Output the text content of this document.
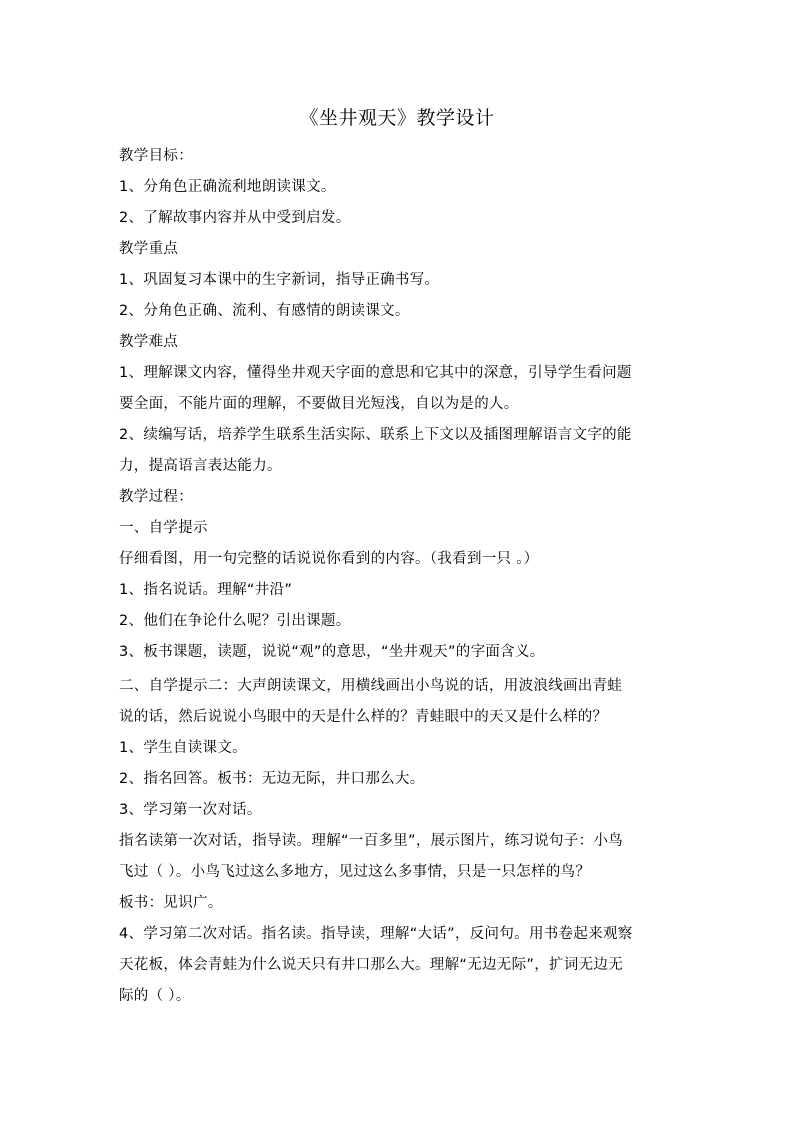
《坐井观天》教学设计
教学目标：
1、分角色正确流利地朗读课文。
2、了解故事内容并从中受到启发。
教学重点
1、巩固复习本课中的生字新词，指导正确书写。
2、分角色正确、流利、有感情的朗读课文。
教学难点
1、理解课文内容，懂得坐井观天字面的意思和它其中的深意，引导学生看问题
要全面，不能片面的理解，不要做目光短浅，自以为是的人。
2、续编写话，培养学生联系生活实际、联系上下文以及插图理解语言文字的能
力，提高语言表达能力。
教学过程：
一、自学提示
仔细看图，用一句完整的话说说你看到的内容。（我看到一只 。）
1、指名说话。理解“井沿”
2、他们在争论什么呢？引出课题。
3、板书课题，读题，说说“观”的意思，“坐井观天”的字面含义。
二、自学提示二：大声朗读课文，用横线画出小鸟说的话，用波浪线画出青蛙
说的话，然后说说小鸟眼中的天是什么样的？青蛙眼中的天又是什么样的？
1、学生自读课文。
2、指名回答。板书：无边无际，井口那么大。
3、学习第一次对话。
指名读第一次对话，指导读。理解“一百多里”，展示图片，练习说句子：小鸟
飞过（ ）。小鸟飞过这么多地方，见过这么多事情，只是一只怎样的鸟？
板书：见识广。
4、学习第二次对话。指名读。指导读，理解“大话”，反问句。用书卷起来观察
天花板，体会青蛙为什么说天只有井口那么大。理解“无边无际”，扩词无边无
际的（ ）。
